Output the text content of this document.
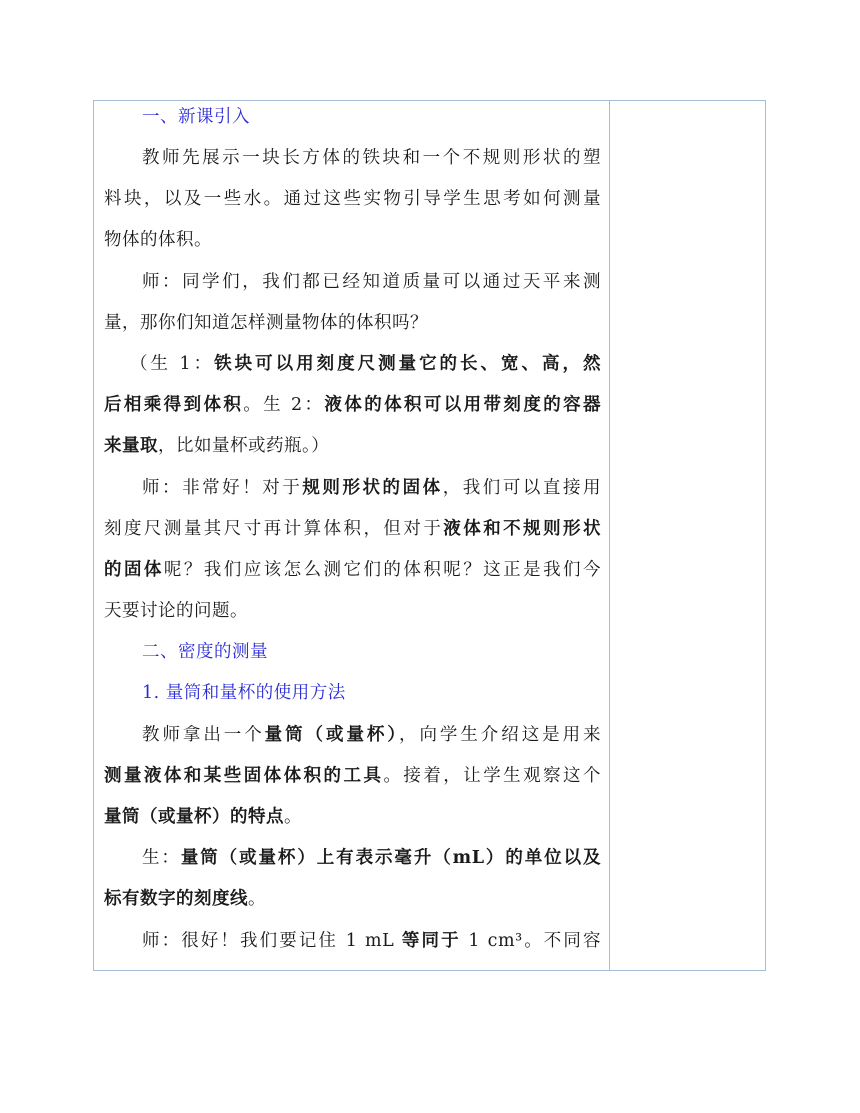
一、新课引入
教师先展示一块长方体的铁块和一个不规则形状的塑
料块，以及一些水。通过这些实物引导学生思考如何测量
物体的体积。
师：同学们，我们都已经知道质量可以通过天平来测
量，那你们知道怎样测量物体的体积吗？
（生 1：铁块可以用刻度尺测量它的长、宽、高，然
后相乘得到体积。生 2：液体的体积可以用带刻度的容器
来量取，比如量杯或药瓶。）
师：非常好！对于规则形状的固体，我们可以直接用
刻度尺测量其尺寸再计算体积，但对于液体和不规则形状
的固体呢？我们应该怎么测它们的体积呢？这正是我们今
天要讨论的问题。
二、密度的测量
1. 量筒和量杯的使用方法
教师拿出一个量筒（或量杯），向学生介绍这是用来
测量液体和某些固体体积的工具。接着，让学生观察这个
量筒（或量杯）的特点。
生：量筒（或量杯）上有表示毫升（mL）的单位以及
标有数字的刻度线。
师：很好！我们要记住 1 mL 等同于 1 cm³。不同容
